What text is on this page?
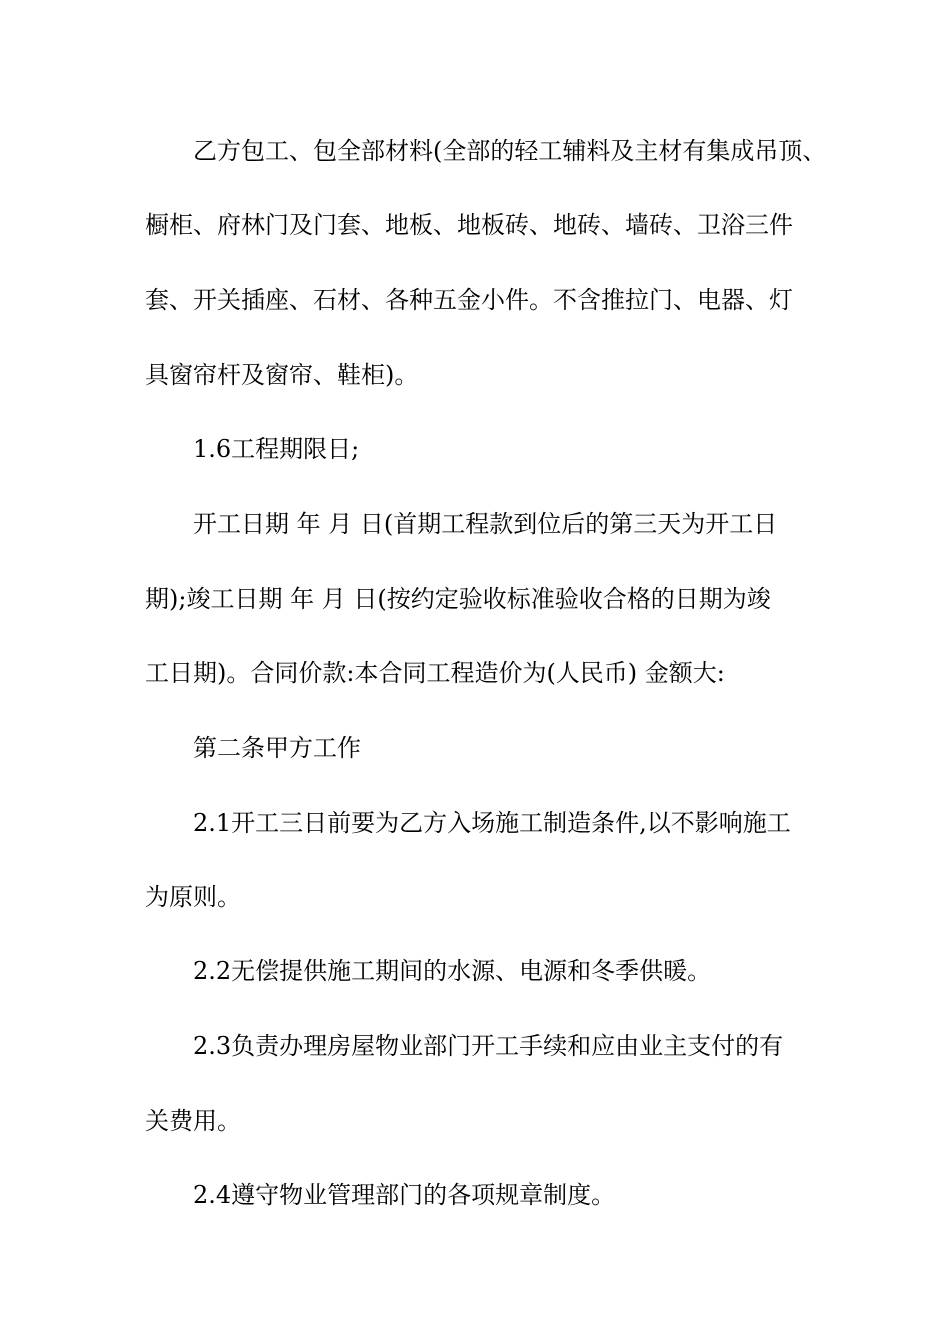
乙方包工、包全部材料(全部的轻工辅料及主材有集成吊顶、
橱柜、府林门及门套、地板、地板砖、地砖、墙砖、卫浴三件
套、开关插座、石材、各种五金小件。不含推拉门、电器、灯
具窗帘杆及窗帘、鞋柜)。
1.6工程期限日;
开工日期 年 月 日(首期工程款到位后的第三天为开工日
期);竣工日期 年 月 日(按约定验收标准验收合格的日期为竣
工日期)。合同价款:本合同工程造价为(人民币) 金额大:
第二条甲方工作
2.1开工三日前要为乙方入场施工制造条件,以不影响施工
为原则。
2.2无偿提供施工期间的水源、电源和冬季供暖。
2.3负责办理房屋物业部门开工手续和应由业主支付的有
关费用。
2.4遵守物业管理部门的各项规章制度。
